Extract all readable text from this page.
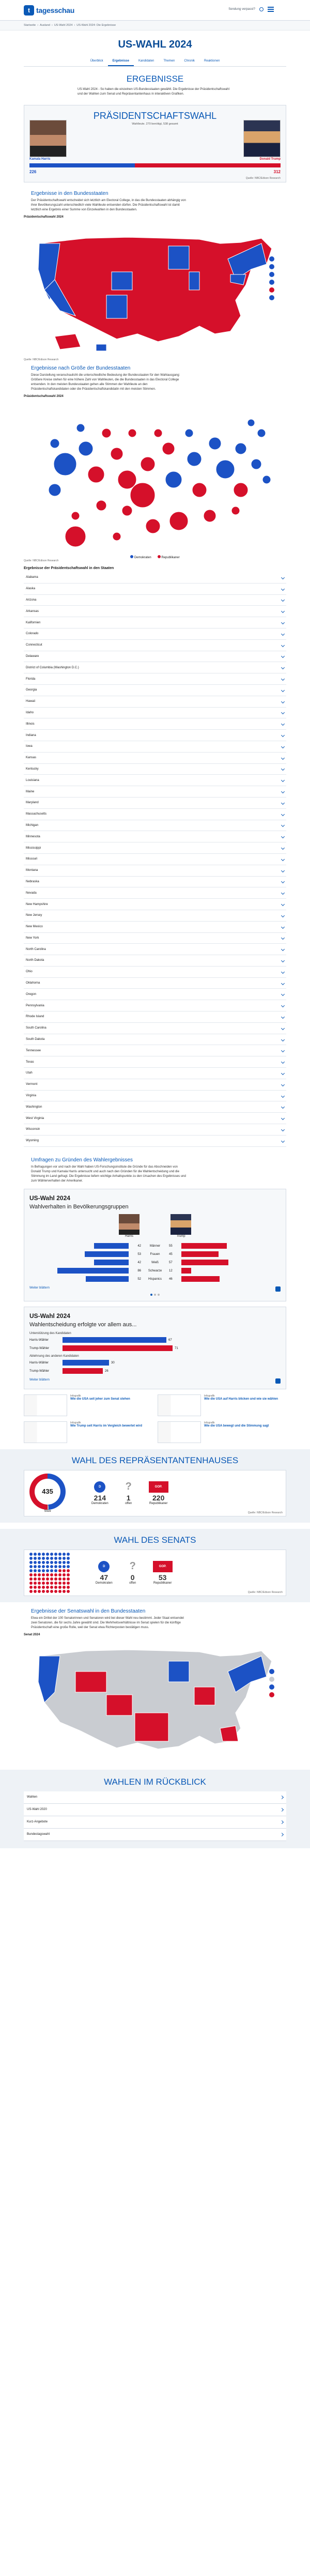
t tagesschau	Sendung verpasst?
Startseite › Ausland › US-Wahl 2024 › US-Wahl 2024: Die Ergebnisse
US-WAHL 2024
Überblick	Ergebnisse	Kandidaten	Themen	Chronik	Reaktionen
ERGEBNISSE

US-Wahl 2024 - So haben die einzelnen US-Bundesstaaten gewählt. Die Ergebnisse der Präsidentschaftswahl und der Wahlen zum Senat und Repräsentantenhaus in interaktiven Grafiken.

PRÄSIDENTSCHAFTSWAHL
Wahlleute. 270 benötigt, 538 gesamt
Kamala Harris	Donald Trump
226	312
Quelle: NBC/Edison Research
Ergebnisse in den Bundesstaaten

Der Präsidentschaftswahl entscheidet sich letztlich am Electoral College, in das die Bundesstaaten abhängig von ihrer Bevölkerungszahl unterschiedlich viele Wahlleute entsenden dürfen. Die Präsidentschaftswahl ist damit letztlich eine Ergebnis einer Summe von Einzelwahlen in den Bundesstaaten.

Präsidentschaftswahl 2024
Quelle: NBC/Edison Research
Ergebnisse nach Größe der Bundesstaaten

Diese Darstellung veranschaulicht die unterschiedliche Bedeutung der Bundesstaaten für den Wahlausgang: Größere Kreise stehen für eine höhere Zahl von Wahlleuten, die die Bundesstaaten in das Electoral College entsenden. In den meisten Bundesstaaten gehen alle Stimmen der Wahlleute an den Präsidentschaftskandidaten oder die Präsidentschaftskandidatin mit den meisten Stimmen.

Präsidentschaftswahl 2024
Demokraten	Republikaner
Quelle: NBC/Edison Research
Ergebnisse der Präsidentschaftswahl in den Staaten
Alabama
Alaska
Arizona
Arkansas
Kalifornien
Colorado
Connecticut
Delaware
District of Columbia (Washington D.C.)
Florida
Georgia
Hawaii
Idaho
Illinois
Indiana
Iowa
Kansas
Kentucky
Louisiana
Maine
Maryland
Massachusetts
Michigan
Minnesota
Mississippi
Missouri
Montana
Nebraska
Nevada
New Hampshire
New Jersey
New Mexico
New York
North Carolina
North Dakota
Ohio
Oklahoma
Oregon
Pennsylvania
Rhode Island
South Carolina
South Dakota
Tennessee
Texas
Utah
Vermont
Virginia
Washington
West Virginia
Wisconsin
Wyoming
Umfragen zu Gründen des Wahlergebnisses

In Befragungen vor und nach der Wahl haben US-Forschungsinstitute die Gründe für das Abschneiden von Donald Trump und Kamala Harris untersucht und auch nach den Gründen für die Wahlentscheidung und die Stimmung im Land gefragt. Die Ergebnisse liefern wichtige Anhaltspunkte zu den Ursachen des Ergebnisses und zum Wählerverhalten der Amerikaner.

US-Wahl 2024
Wahlverhalten in Bevölkerungsgruppen
Harris	Trump
42	Männer	55
53	Frauen	45
42	Weiß	57
86	Schwarze	12
52	Hispanics	46
Weiter blättern
US-Wahl 2024
Wahlentscheidung erfolgte vor allem aus...
Unterstützung des Kandidaten
Harris-Wähler	67
Trump-Wähler	71
Ablehnung des anderen Kandidaten
Harris-Wähler	30
Trump-Wähler	26
Weiter blättern
Infografik
Wie die USA seit jeher zum Senat stehen
Infografik
Wie die USA auf Harris blicken und wie sie wählen
Infografik
Wie Trump seit Harris im Vergleich bewertet wird
Infografik
Wie die USA bewegt und die Stimmung sagt
WAHL DES REPRÄSENTANTENHAUSES
435
Sitze
D
214
Demokraten
?
1
offen
GOP.
220
Republikaner
Quelle: NBC/Edison Research
WAHL DES SENATS
D
47
Demokraten
?
0
offen
GOP.
53
Republikaner
Quelle: NBC/Edison Research
Ergebnisse der Senatswahl in den Bundesstaaten

Etwa ein Drittel der 100 Senatorinnen und Senatoren wird bei dieser Wahl neu bestimmt. Jeder Staat entsendet zwei Senatoren, die für sechs Jahre gewählt sind. Die Mehrheitsverhältnisse im Senat spielen für die künftige Präsidentschaft eine große Rolle, weil der Senat etwa Richterposten bestätigen muss.

Senat 2024
WAHLEN IM RÜCKBLICK
Wahlen
US-Wahl 2020
Kurz-Angebote
Bundestagswahl
